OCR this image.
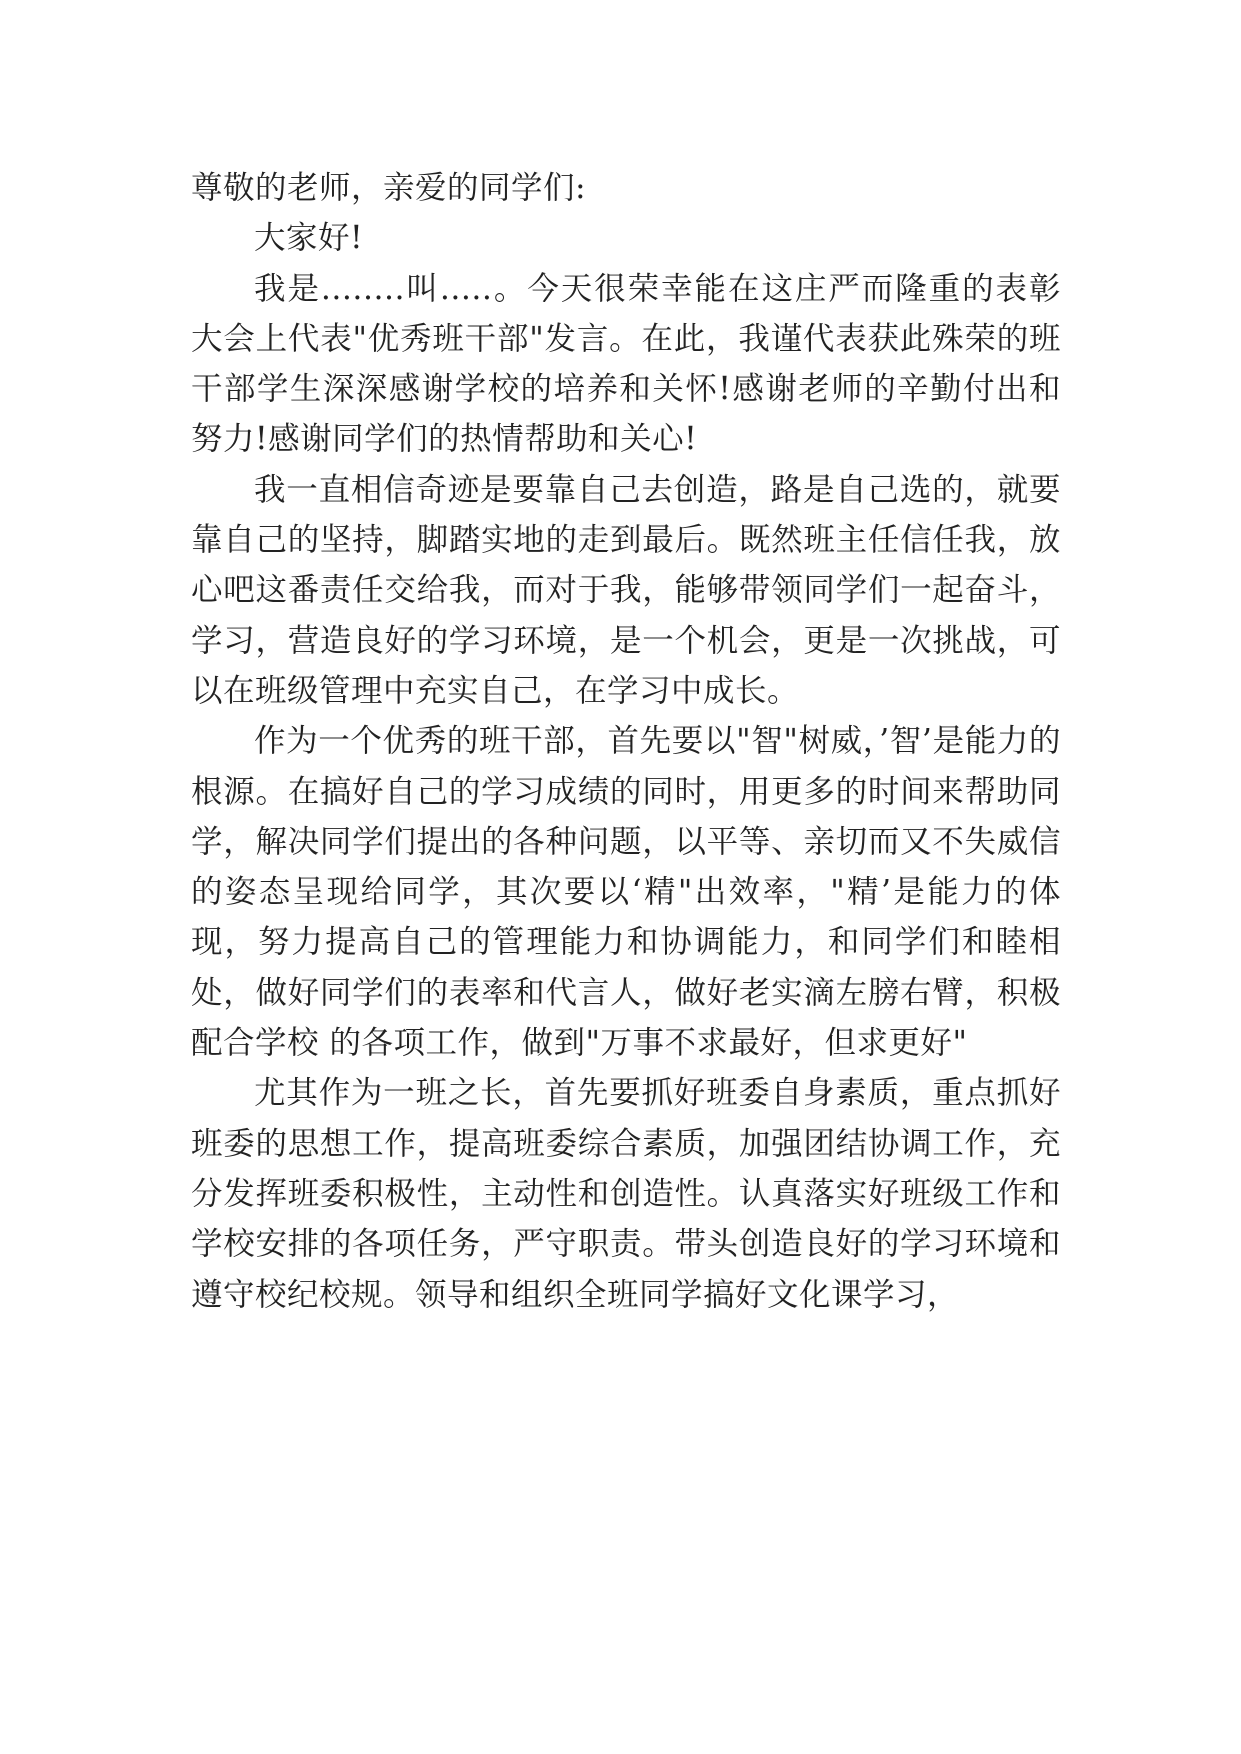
尊敬的老师，亲爱的同学们:

大家好!

我是........叫.....。今天很荣幸能在这庄严而隆重的表彰大会上代表"优秀班干部"发言。在此，我谨代表获此殊荣的班干部学生深深感谢学校的培养和关怀!感谢老师的辛勤付出和努力!感谢同学们的热情帮助和关心!

我一直相信奇迹是要靠自己去创造，路是自己选的，就要靠自己的坚持，脚踏实地的走到最后。既然班主任信任我，放心吧这番责任交给我，而对于我，能够带领同学们一起奋斗，学习，营造良好的学习环境，是一个机会，更是一次挑战，可以在班级管理中充实自己，在学习中成长。

作为一个优秀的班干部，首先要以"智"树威，’智’是能力的根源。在搞好自己的学习成绩的同时，用更多的时间来帮助同学，解决同学们提出的各种问题，以平等、亲切而又不失威信的姿态呈现给同学，其次要以‘精"出效率，"精’是能力的体现，努力提高自己的管理能力和协调能力，和同学们和睦相处，做好同学们的表率和代言人，做好老实滴左膀右臂，积极配合学校 的各项工作，做到"万事不求最好，但求更好"

尤其作为一班之长，首先要抓好班委自身素质，重点抓好班委的思想工作，提高班委综合素质，加强团结协调工作，充分发挥班委积极性，主动性和创造性。认真落实好班级工作和学校安排的各项任务，严守职责。带头创造良好的学习环境和遵守校纪校规。领导和组织全班同学搞好文化课学习，
